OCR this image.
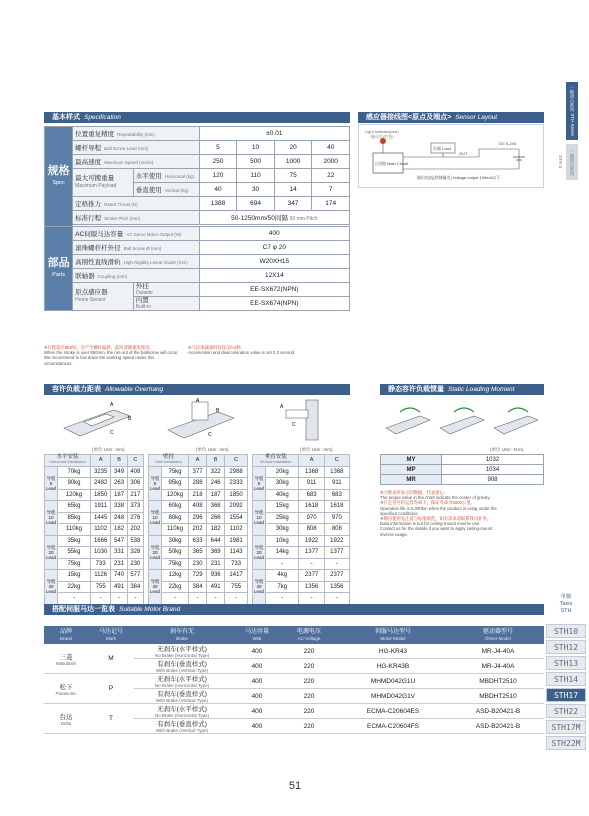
一轴滑台系列 STH Series
一轴滑台系列 STH S
基本样式 Specification
规格
Spec	位置重复精度 Repeatability (mm)		±0.01			
	螺杆导程 Ball Screw Lead (mm)		5	10	20	40
	最高速度 Maximum Speed (mm/s)		250	500	1000	2000
	最大可搬重量
Maximum Payload	水平使用 Horizontal (kg)	120	110	75	22
		垂直使用 Vertical (kg)	40	30	14	7
	定格推力 Rated Thrust (N)		1388	694	347	174
	标准行程 Stroke Pitch (mm)		50-1250mm/50间隔 50 mm Pitch			

部品
Parts	AC伺服马达容量 AC Servo Motor Output (W)		400			
	滚珠螺杆杆外径 Ball Screw Ø (mm)		C7 φ 20			
	高刚性直线滑轨 High Rigidity Linear Guide (mm)		W20XH15			
	联轴器 Coupling (mm)		12X14			
	原点感应器
Home Sensor	外挂
Outside	EE-SX672(NPN)			
		内置
Built-in	EE-SX674(NPN)			
※行程超过850时，会产生螺杆偏摆，此时请降速度使用。
When the stroke is over 850mm, the run-out of the ballscrew will occur.
We recommend to low down the working speed under this circumstances.
※马达加减速时间设定0.2秒。
Acceleration and deacceleration value is set 0.2 second.
感应器接线图<原点及端点> Sensor Layout
Light Indicator(red)
指示灯(红色)
主回路 Main Circuit
负载 Load
OUT
DC 5-24V
输出电流(控制输出) Voltage output 100mA以下
容许负载力距表 Allowable Overhang
A
B
C
A
B
C
A
C
(单位 Unit : mm)	(单位 Unit : mm)	(单位 Unit : mm)
水平安装
Horizontal Installation		A	B	C
导程 5 Lead	70kg	3235	349	408
	90kg	2482	263	306
	120kg	1850	187	217
导程 10 Lead	65kg	1911	338	373
	85kg	1445	248	276
	110kg	1102	182	202
导程 20 Lead	35kg	1666	547	538
	55kg	1030	331	328
	75kg	733	231	230
导程 40 Lead	15kg	1126	740	577
	22kg	755	491	384
	-	-	-	-
壁挂
Wall Installation		A	B	C
导程 5 Lead	75kg	377	322	2988
	95kg	288	246	2333
	120kg	218	187	1850
导程 10 Lead	60kg	408	368	2092
	80kg	296	266	1554
	110kg	202	182	1102
导程 20 Lead	30kg	633	644	1981
	50kg	365	369	1143
	75kg	230	231	733
导程 40 Lead	12kg	729	936	1417
	22kg	384	491	755
	-	-	-	-
垂直安装
Vertical Installation		A	C
导程 5 Lead	20kg	1368	1368
	30kg	911	911
	40kg	683	683
导程 10 Lead	15kg	1618	1618
	25kg	970	970
	30kg	808	808
导程 20 Lead	10kg	1922	1922
	14kg	1377	1377
	-	-	-
导程 40 Lead	4kg	2377	2377
	7kg	1356	1356
	-	-	-
静态容许负载惯量 Static Loading Moment
(单位 Unit : N.m)
MY	1032
MP	1034
MR	908
※力距表所表示的数据，代表重心。
The torque value in the chart indicate the center of gravity.
※行走型号的运营寿命下，保证寿命为5000公里。
Operation life is 5,000km when the product is using under the
specified conditions.
※倒吊使用先注意与标准规范，如有需求请联系我司业务。
Data information is not for ceiling-mount inverse use.
Contact us for the details if you want to apply ceiling-mount
inverse usage.
搭配伺服马达一览表 Suitable Motor Brand
品牌
Brand	马达记号
Mark	刹车有无
Brake	马达容量
Watt	电源电压
AC-Voltage	伺服马达型号
Motor Model	驱动器型号
Driver Model

三菱
Mitsubishi	M	无刹车(水平样式)
No Brake (Horizontal Type)	400	220	HG-KR43	MR-J4-40A
		有刹车(垂直样式)
With Brake (Vertical Type)	400	220	HG-KR43B	MR-J4-40A
松下
Panasonic	P	无刹车(水平样式)
No Brake (Horizontal Type)	400	220	MHMD042G1U	MBDHT2510
		有刹车(垂直样式)
With Brake (Vertical Type)	400	220	MHMD042G1V	MBDHT2510
台达
Delta	T	无刹车(水平样式)
No Brake (Horizontal Type)	400	220	ECMA-C20604ES	ASD-B20421-B
		有刹车(垂直样式)
With Brake (Vertical Type)	400	220	ECMA-C20604FS	ASD-B20421-B
单轴
Taxis
STH
STH10
STH12
STH13
STH14
STH17
STH22
STH17M
STH22M
51
